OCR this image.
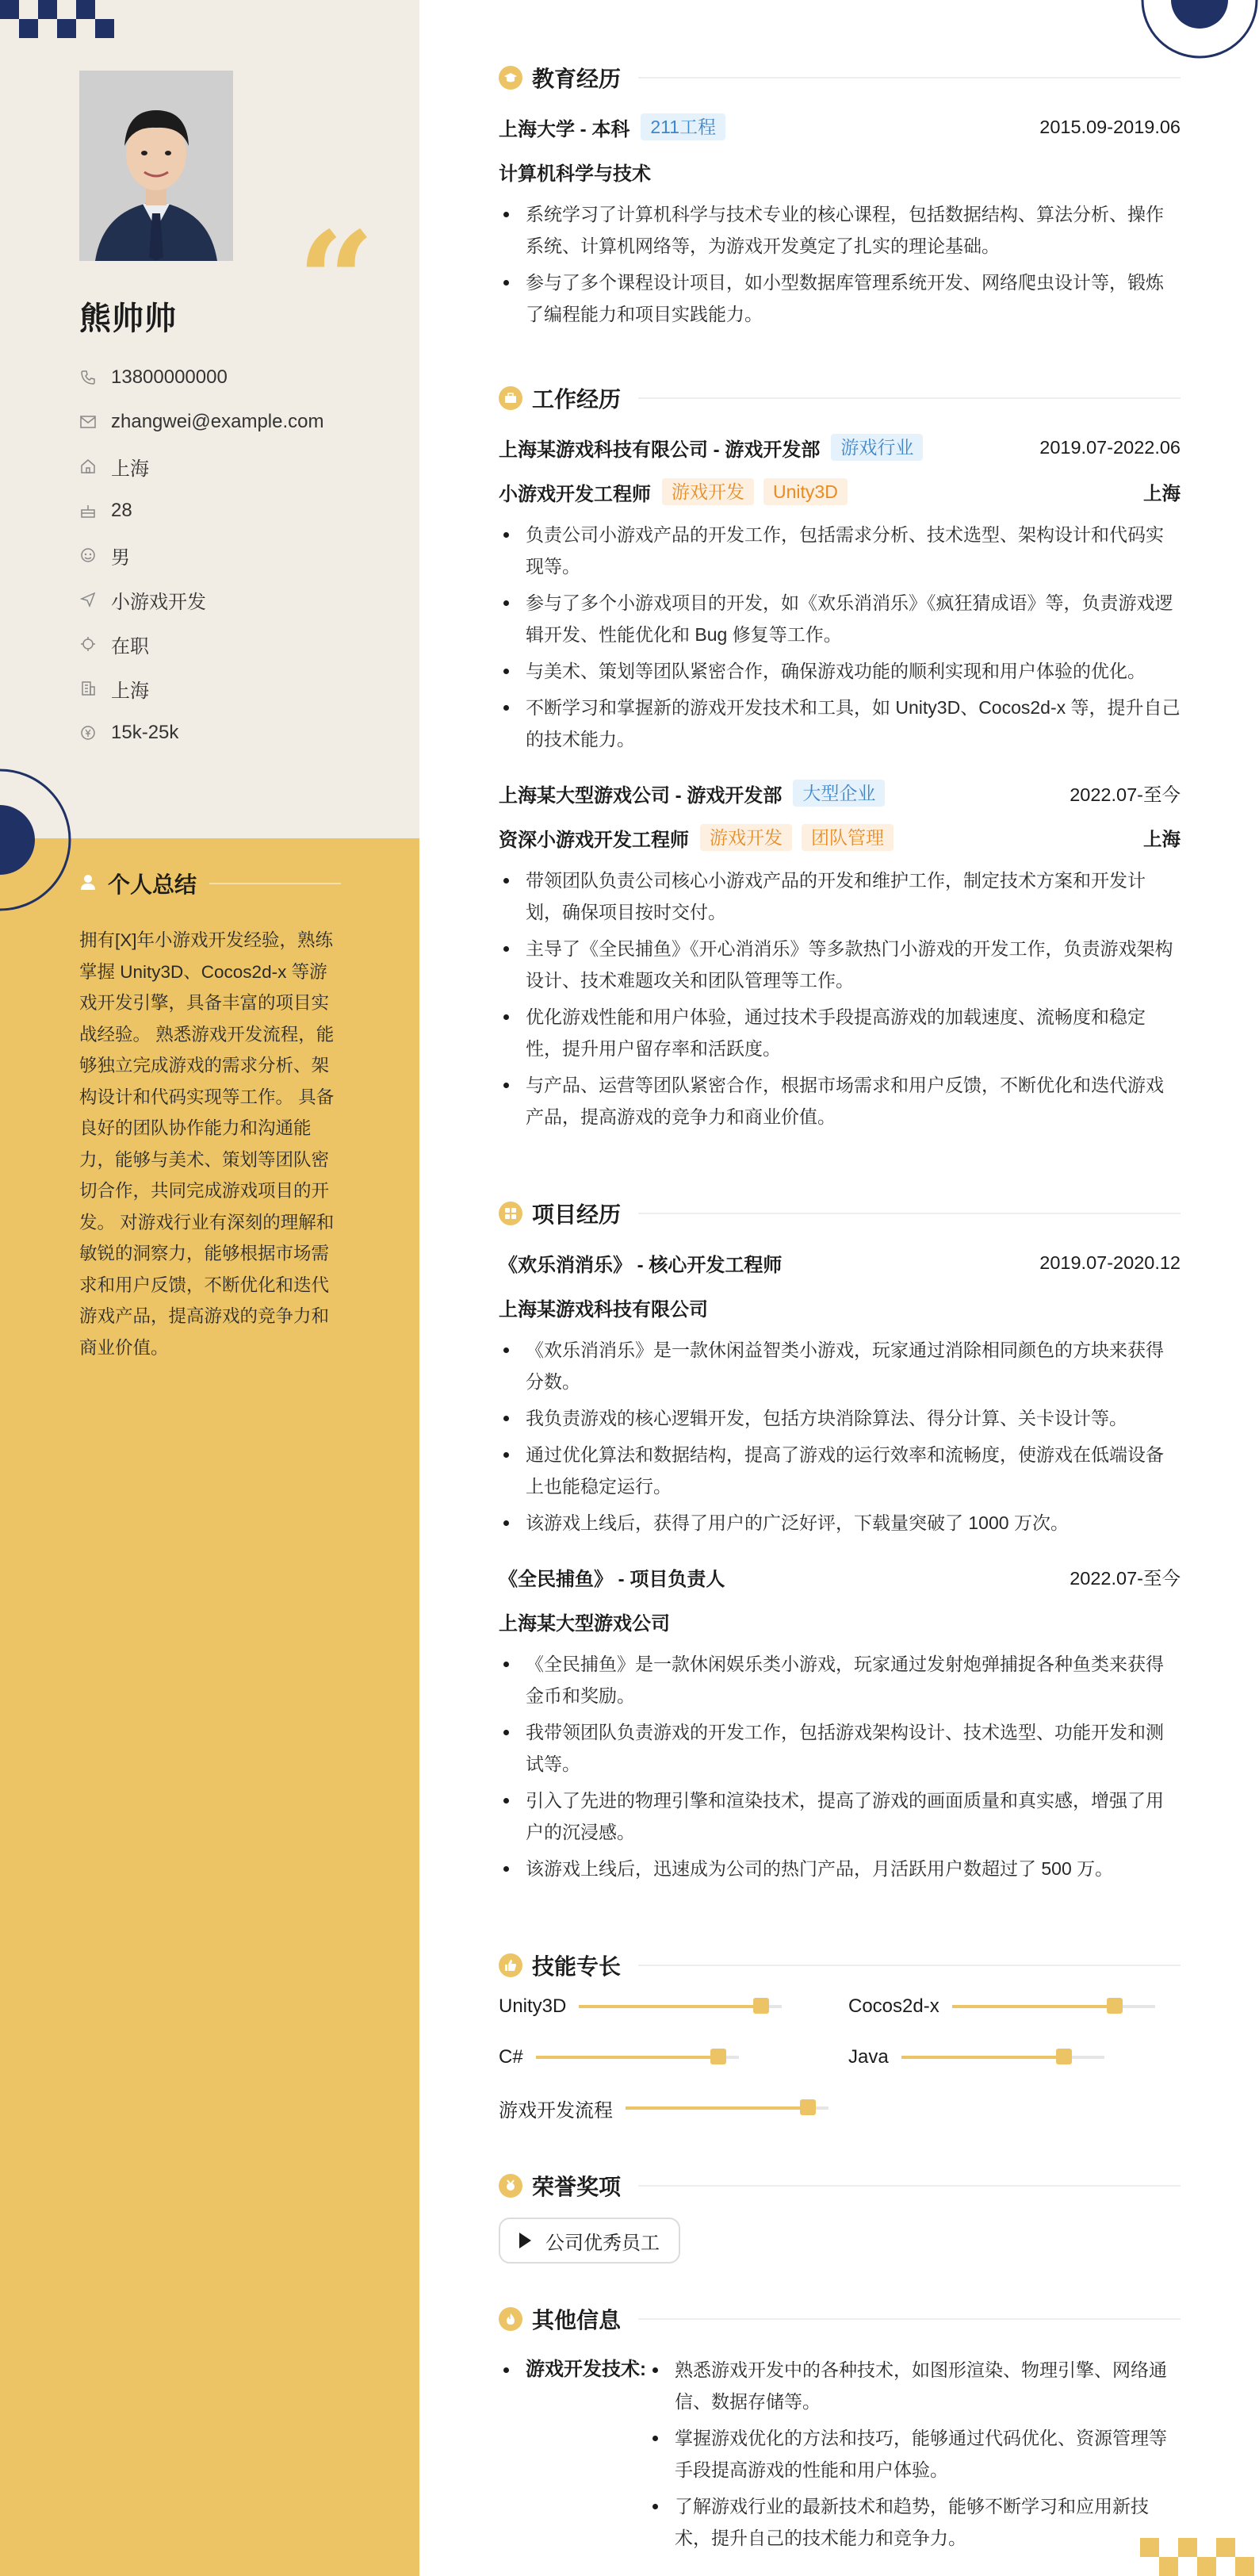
“
熊帅帅
13800000000
zhangwei@example.com
上海
28
男
小游戏开发
在职
上海
15k-25k
个人总结
拥有[X]年小游戏开发经验，熟练掌握 Unity3D、Cocos2d-x 等游戏开发引擎，具备丰富的项目实战经验。 熟悉游戏开发流程，能够独立完成游戏的需求分析、架构设计和代码实现等工作。 具备良好的团队协作能力和沟通能力，能够与美术、策划等团队密切合作，共同完成游戏项目的开发。 对游戏行业有深刻的理解和敏锐的洞察力，能够根据市场需求和用户反馈，不断优化和迭代游戏产品，提高游戏的竞争力和商业价值。
教育经历
上海大学 - 本科	211工程	2015.09-2019.06
计算机科学与技术
系统学习了计算机科学与技术专业的核心课程，包括数据结构、算法分析、操作系统、计算机网络等，为游戏开发奠定了扎实的理论基础。
参与了多个课程设计项目，如小型数据库管理系统开发、网络爬虫设计等，锻炼了编程能力和项目实践能力。
工作经历
上海某游戏科技有限公司 - 游戏开发部	游戏行业	2019.07-2022.06
小游戏开发工程师	游戏开发	Unity3D	上海
负责公司小游戏产品的开发工作，包括需求分析、技术选型、架构设计和代码实现等。
参与了多个小游戏项目的开发，如《欢乐消消乐》《疯狂猜成语》等，负责游戏逻辑开发、性能优化和 Bug 修复等工作。
与美术、策划等团队紧密合作，确保游戏功能的顺利实现和用户体验的优化。
不断学习和掌握新的游戏开发技术和工具，如 Unity3D、Cocos2d-x 等，提升自己的技术能力。
上海某大型游戏公司 - 游戏开发部	大型企业	2022.07-至今
资深小游戏开发工程师	游戏开发	团队管理	上海
带领团队负责公司核心小游戏产品的开发和维护工作，制定技术方案和开发计划，确保项目按时交付。
主导了《全民捕鱼》《开心消消乐》等多款热门小游戏的开发工作，负责游戏架构设计、技术难题攻关和团队管理等工作。
优化游戏性能和用户体验，通过技术手段提高游戏的加载速度、流畅度和稳定性，提升用户留存率和活跃度。
与产品、运营等团队紧密合作，根据市场需求和用户反馈，不断优化和迭代游戏产品，提高游戏的竞争力和商业价值。
项目经历
《欢乐消消乐》 - 核心开发工程师	2019.07-2020.12
上海某游戏科技有限公司
《欢乐消消乐》是一款休闲益智类小游戏，玩家通过消除相同颜色的方块来获得分数。
我负责游戏的核心逻辑开发，包括方块消除算法、得分计算、关卡设计等。
通过优化算法和数据结构，提高了游戏的运行效率和流畅度，使游戏在低端设备上也能稳定运行。
该游戏上线后，获得了用户的广泛好评，下载量突破了 1000 万次。
《全民捕鱼》 - 项目负责人	2022.07-至今
上海某大型游戏公司
《全民捕鱼》是一款休闲娱乐类小游戏，玩家通过发射炮弹捕捉各种鱼类来获得金币和奖励。
我带领团队负责游戏的开发工作，包括游戏架构设计、技术选型、功能开发和测试等。
引入了先进的物理引擎和渲染技术，提高了游戏的画面质量和真实感，增强了用户的沉浸感。
该游戏上线后，迅速成为公司的热门产品，月活跃用户数超过了 500 万。
技能专长
Unity3D	Cocos2d-x
C#	Java
游戏开发流程
荣誉奖项
公司优秀员工
其他信息
游戏开发技术:	熟悉游戏开发中的各种技术，如图形渲染、物理引擎、网络通信、数据存储等。
掌握游戏优化的方法和技巧，能够通过代码优化、资源管理等手段提高游戏的性能和用户体验。
了解游戏行业的最新技术和趋势，能够不断学习和应用新技术，提升自己的技术能力和竞争力。
